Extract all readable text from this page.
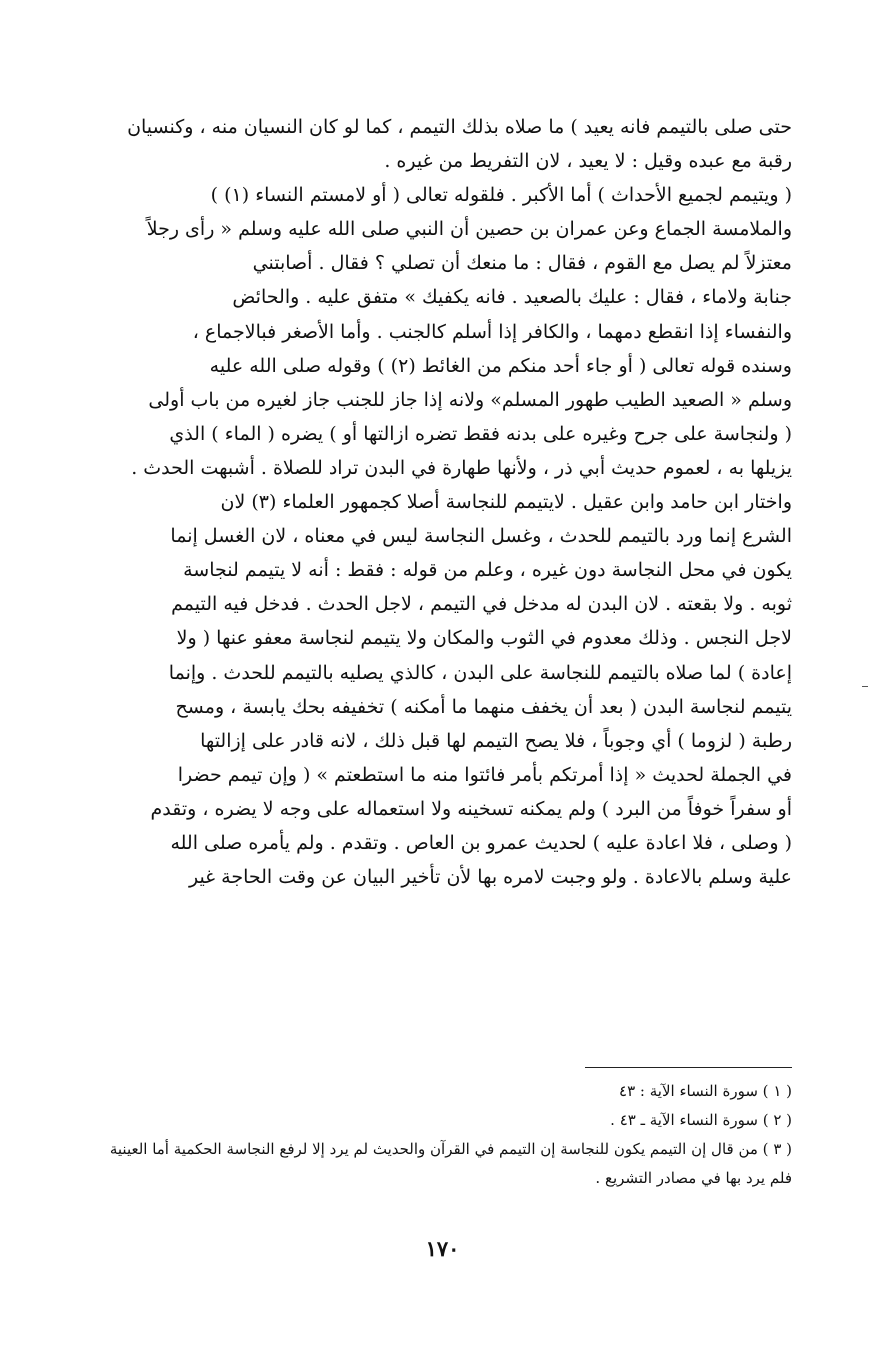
حتى صلى بالتيمم فانه يعيد ) ما صلاه بذلك التيمم ، كما لو كان النسيان منه ، وكنسيان
رقبة مع عبده وقيل : لا يعيد ، لان التفريط من غيره .
( ويتيمم لجميع الأحداث ) أما الأكبر . فلقوله تعالى ( أو لامستم النساء (١) )
والملامسة الجماع وعن عمران بن حصين أن النبي صلى الله عليه وسلم « رأى رجلاً
معتزلاً لم يصل مع القوم ، فقال : ما منعك أن تصلي ؟ فقال . أصابتني
جنابة ولاماء ، فقال : عليك بالصعيد . فانه يكفيك » متفق عليه . والحائض
والنفساء إذا انقطع دمهما ، والكافر إذا أسلم كالجنب . وأما الأصغر فبالاجماع ،
وسنده قوله تعالى ( أو جاء أحد منكم من الغائط (٢) ) وقوله صلى الله عليه
وسلم « الصعيد الطيب طهور المسلم» ولانه إذا جاز للجنب جاز لغيره من باب أولى
( ولنجاسة على جرح وغيره على بدنه فقط تضره ازالتها أو ) يضره ( الماء ) الذي
يزيلها به ، لعموم حديث أبي ذر ، ولأنها طهارة في البدن تراد للصلاة . أشبهت الحدث .
واختار ابن حامد وابن عقيل . لايتيمم للنجاسة أصلا كجمهور العلماء (٣) لان
الشرع إنما ورد بالتيمم للحدث ، وغسل النجاسة ليس في معناه ، لان الغسل إنما
يكون في محل النجاسة دون غيره ، وعلم من قوله : فقط : أنه لا يتيمم لنجاسة
ثوبه . ولا بقعته . لان البدن له مدخل في التيمم ، لاجل الحدث . فدخل فيه التيمم
لاجل النجس . وذلك معدوم في الثوب والمكان ولا يتيمم لنجاسة معفو عنها ( ولا
إعادة ) لما صلاه بالتيمم للنجاسة على البدن ، كالذي يصليه بالتيمم للحدث . وإنما
يتيمم لنجاسة البدن ( بعد أن يخفف منهما ما أمكنه ) تخفيفه بحك يابسة ، ومسح
رطبة ( لزوما ) أي وجوباً ، فلا يصح التيمم لها قبل ذلك ، لانه قادر على إزالتها
في الجملة لحديث « إذا أمرتكم بأمر فائتوا منه ما استطعتم » ( وإن تيمم حضرا
أو سفراً خوفاً من البرد ) ولم يمكنه تسخينه ولا استعماله على وجه لا يضره ، وتقدم
( وصلى ، فلا اعادة عليه ) لحديث عمرو بن العاص . وتقدم . ولم يأمره صلى الله
علية وسلم بالاعادة . ولو وجبت لامره بها لأن تأخير البيان عن وقت الحاجة غير
( ١ ) سورة النساء الآية : ٤٣
( ٢ ) سورة النساء الآية ـ ٤٣ .
( ٣ ) من قال إن التيمم يكون للنجاسة إن التيمم في القرآن والحديث لم يرد إلا لرفع النجاسة الحكمية أما العينية
فلم يرد بها في مصادر التشريع .
١٧٠
